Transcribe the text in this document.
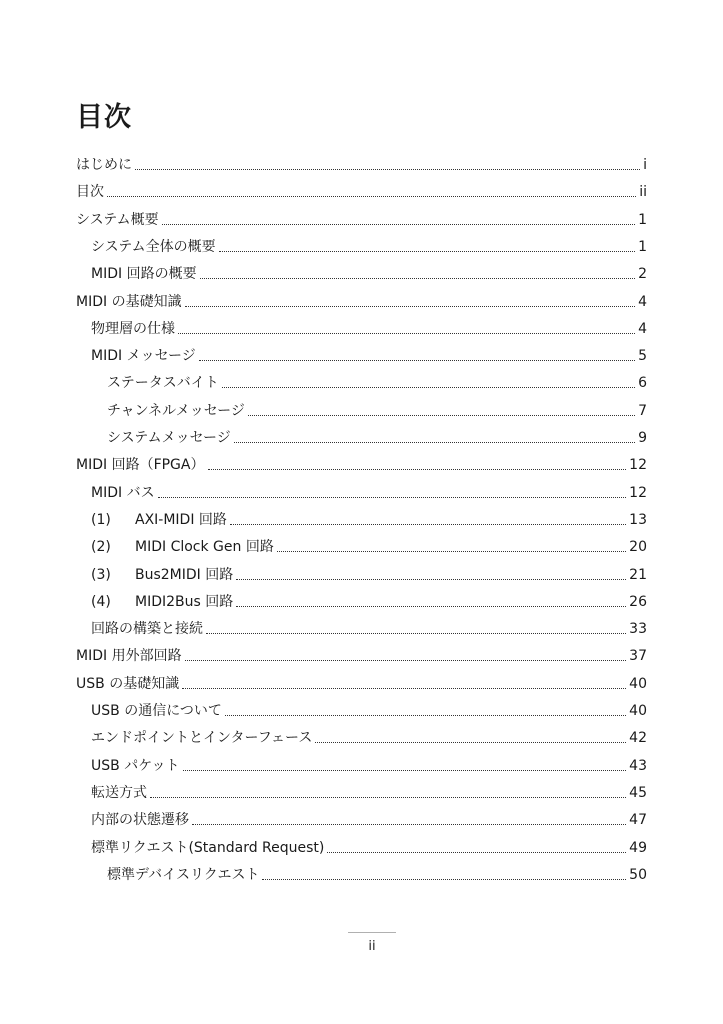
目次
はじめに	i
目次	ii
システム概要	1
システム全体の概要	1
MIDI 回路の概要	2
MIDI の基礎知識	4
物理層の仕様	4
MIDI メッセージ	5
ステータスバイト	6
チャンネルメッセージ	7
システムメッセージ	9
MIDI 回路（FPGA）	12
MIDI バス	12
(1) AXI-MIDI 回路	13
(2) MIDI Clock Gen 回路	20
(3) Bus2MIDI 回路	21
(4) MIDI2Bus 回路	26
回路の構築と接続	33
MIDI 用外部回路	37
USB の基礎知識	40
USB の通信について	40
エンドポイントとインターフェース	42
USB パケット	43
転送方式	45
内部の状態遷移	47
標準リクエスト(Standard Request)	49
標準デバイスリクエスト	50
ii
